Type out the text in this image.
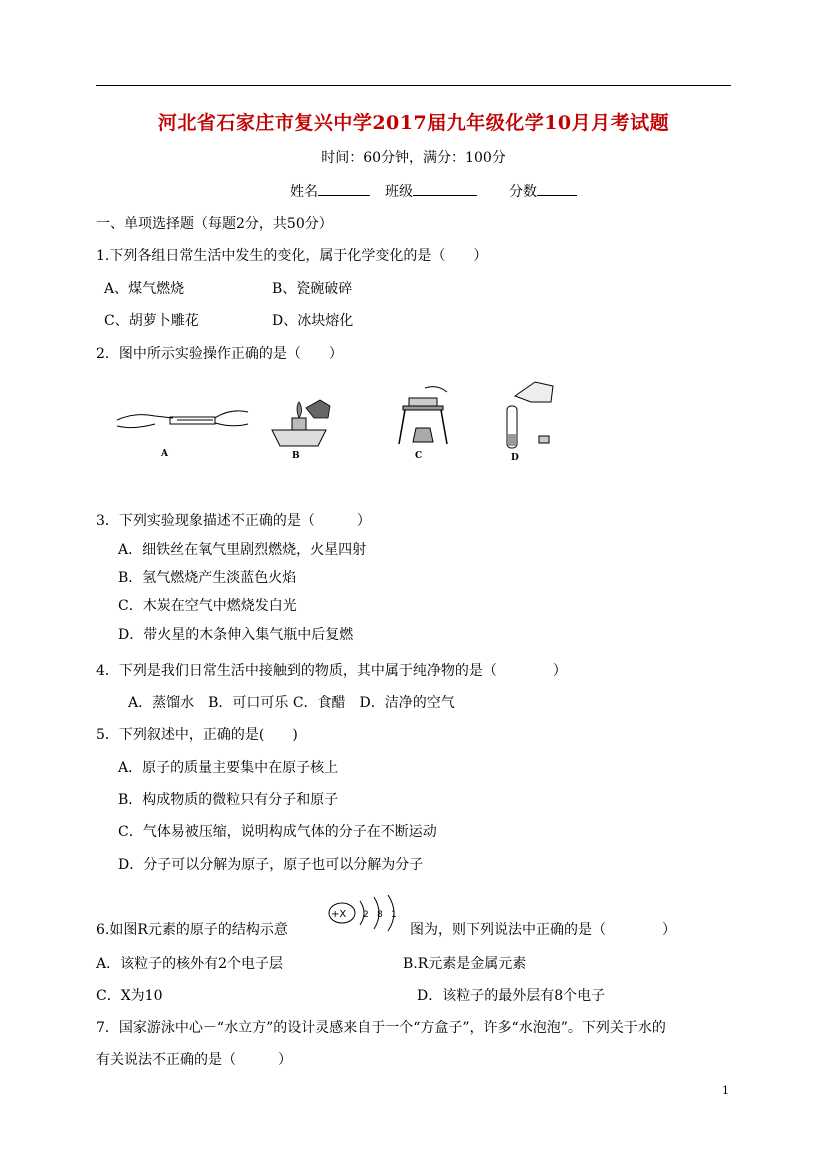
河北省石家庄市复兴中学2017届九年级化学10月月考试题
时间：60分钟，满分：100分
姓名	班级	分数
一、单项选择题（每题2分，共50分）
1.下列各组日常生活中发生的变化，属于化学变化的是（　　）
A、煤气燃烧	B、瓷碗破碎
C、胡萝卜雕花	D、冰块熔化
2．图中所示实验操作正确的是（　　）
A	B	C	D
3．下列实验现象描述不正确的是（　　　）
A．细铁丝在氧气里剧烈燃烧，火星四射
B．氢气燃烧产生淡蓝色火焰
C．木炭在空气中燃烧发白光
D．带火星的木条伸入集气瓶中后复燃
4．下列是我们日常生活中接触到的物质，其中属于纯净物的是（　　　　）
A．蒸馏水　B．可口可乐 C．食醋　D．洁净的空气
5．下列叙述中，正确的是(　　)
A．原子的质量主要集中在原子核上
B．构成物质的微粒只有分子和原子
C．气体易被压缩，说明构成气体的分子在不断运动
D．分子可以分解为原子，原子也可以分解为分子
6.如图R元素的原子的结构示意
+X 2 8 1
图为，则下列说法中正确的是（　　　　）
A．该粒子的核外有2个电子层	B.R元素是金属元素
C．X为10	D．该粒子的最外层有8个电子
7．国家游泳中心－“水立方”的设计灵感来自于一个“方盒子”，许多“水泡泡”。下列关于水的
有关说法不正确的是（　　　）
1
